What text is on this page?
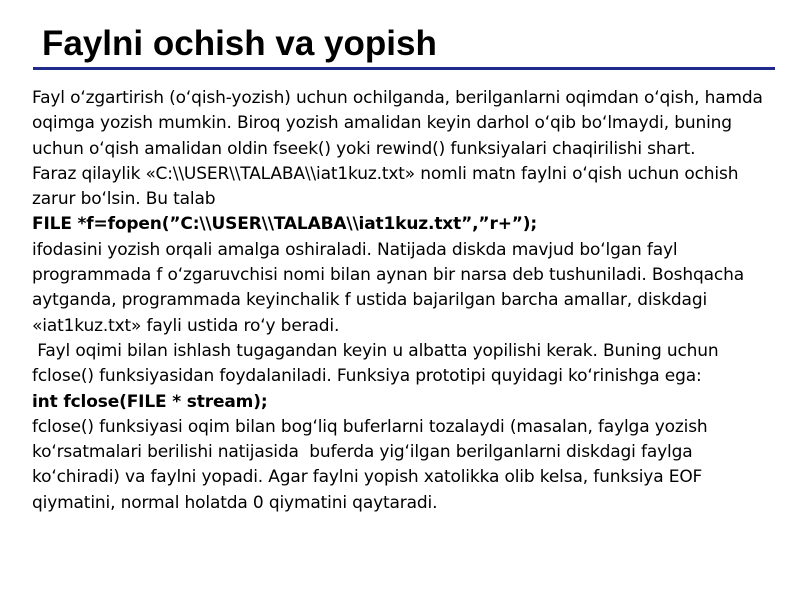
Faylni ochish va yopish

Fayl oʻzgartirish (oʻqish-yozish) uchun ochilganda, berilganlarni oqimdan oʻqish, hamda oqimga yozish mumkin. Biroq yozish amalidan keyin darhol oʻqib boʻlmaydi, buning uchun oʻqish amalidan oldin fseek() yoki rewind() funksiyalari chaqirilishi shart.

Faraz qilaylik «C:\\USER\\TALABA\\iat1kuz.txt» nomli matn faylni oʻqish uchun ochish zarur boʻlsin. Bu talab

FILE *f=fopen(”C:\\USER\\TALABA\\iat1kuz.txt”,”r+”);

ifodasini yozish orqali amalga oshiraladi. Natijada diskda mavjud boʻlgan fayl programmada f oʻzgaruvchisi nomi bilan aynan bir narsa deb tushuniladi. Boshqacha aytganda, programmada keyinchalik f ustida bajarilgan barcha amallar, diskdagi «iat1kuz.txt» fayli ustida roʻy beradi.

Fayl oqimi bilan ishlash tugagandan keyin u albatta yopilishi kerak. Buning uchun fclose() funksiyasidan foydalaniladi. Funksiya prototipi quyidagi koʻrinishga ega:

int fclose(FILE * stream);

fclose() funksiyasi oqim bilan bogʻliq buferlarni tozalaydi (masalan, faylga yozish koʻrsatmalari berilishi natijasida  buferda yigʻilgan berilganlarni diskdagi faylga koʻchiradi) va faylni yopadi. Agar faylni yopish xatolikka olib kelsa, funksiya EOF qiymatini, normal holatda 0 qiymatini qaytaradi.
